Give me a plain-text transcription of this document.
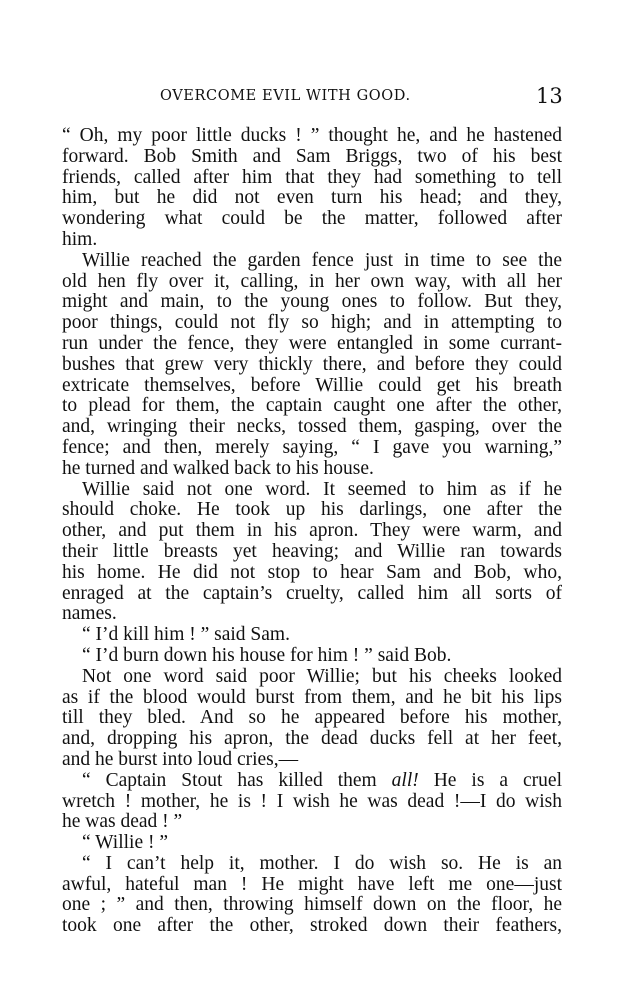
OVERCOME EVIL WITH GOOD.	13
“ Oh, my poor little ducks ! ” thought he, and he hastened
forward. Bob Smith and Sam Briggs, two of his best
friends, called after him that they had something to tell
him, but he did not even turn his head; and they,
wondering what could be the matter, followed after
him.
Willie reached the garden fence just in time to see the
old hen fly over it, calling, in her own way, with all her
might and main, to the young ones to follow. But they,
poor things, could not fly so high; and in attempting to
run under the fence, they were entangled in some currant-
bushes that grew very thickly there, and before they could
extricate themselves, before Willie could get his breath
to plead for them, the captain caught one after the other,
and, wringing their necks, tossed them, gasping, over the
fence; and then, merely saying, “ I gave you warning,”
he turned and walked back to his house.
Willie said not one word. It seemed to him as if he
should choke. He took up his darlings, one after the
other, and put them in his apron. They were warm, and
their little breasts yet heaving; and Willie ran towards
his home. He did not stop to hear Sam and Bob, who,
enraged at the captain’s cruelty, called him all sorts of
names.
“ I’d kill him ! ” said Sam.
“ I’d burn down his house for him ! ” said Bob.
Not one word said poor Willie; but his cheeks looked
as if the blood would burst from them, and he bit his lips
till they bled. And so he appeared before his mother,
and, dropping his apron, the dead ducks fell at her feet,
and he burst into loud cries,—
“ Captain Stout has killed them all! He is a cruel
wretch ! mother, he is ! I wish he was dead !—I do wish
he was dead ! ”
“ Willie ! ”
“ I can’t help it, mother. I do wish so. He is an
awful, hateful man ! He might have left me one—just
one ; ” and then, throwing himself down on the floor, he
took one after the other, stroked down their feathers,
